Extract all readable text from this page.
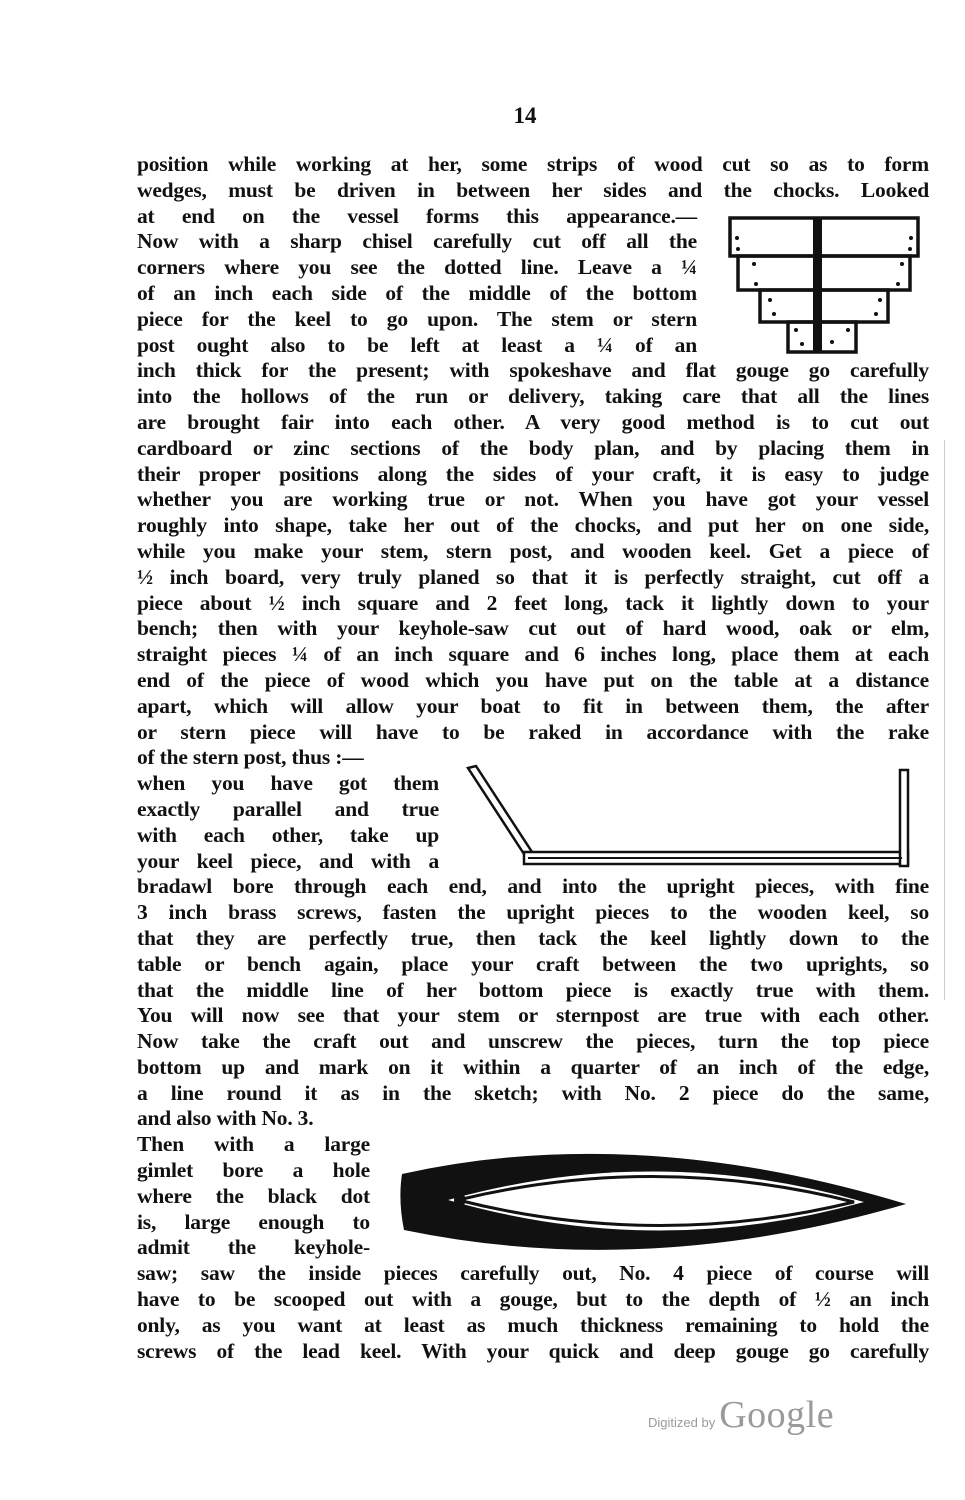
14
position while working at her, some strips of wood cut so as to form
wedges, must be driven in between her sides and the chocks. Looked
at end on the vessel forms this appearance.—
Now with a sharp chisel carefully cut off all the
corners where you see the dotted line. Leave a ¼
of an inch each side of the middle of the bottom
piece for the keel to go upon. The stem or stern
post ought also to be left at least a ¼ of an
inch thick for the present; with spokeshave and flat gouge go carefully
into the hollows of the run or delivery, taking care that all the lines
are brought fair into each other. A very good method is to cut out
cardboard or zinc sections of the body plan, and by placing them in
their proper positions along the sides of your craft, it is easy to judge
whether you are working true or not. When you have got your vessel
roughly into shape, take her out of the chocks, and put her on one side,
while you make your stem, stern post, and wooden keel. Get a piece of
½ inch board, very truly planed so that it is perfectly straight, cut off a
piece about ½ inch square and 2 feet long, tack it lightly down to your
bench; then with your keyhole-saw cut out of hard wood, oak or elm,
straight pieces ¼ of an inch square and 6 inches long, place them at each
end of the piece of wood which you have put on the table at a distance
apart, which will allow your boat to fit in between them, the after
or stern piece will have to be raked in accordance with the rake
of the stern post, thus :—
when you have got them
exactly parallel and true
with each other, take up
your keel piece, and with a
bradawl bore through each end, and into the upright pieces, with fine
3 inch brass screws, fasten the upright pieces to the wooden keel, so
that they are perfectly true, then tack the keel lightly down to the
table or bench again, place your craft between the two uprights, so
that the middle line of her bottom piece is exactly true with them.
You will now see that your stem or sternpost are true with each other.
Now take the craft out and unscrew the pieces, turn the top piece
bottom up and mark on it within a quarter of an inch of the edge,
a line round it as in the sketch; with No. 2 piece do the same,
and also with No. 3.
Then with a large
gimlet bore a hole
where the black dot
is, large enough to
admit the keyhole-
saw; saw the inside pieces carefully out, No. 4 piece of course will
have to be scooped out with a gouge, but to the depth of ½ an inch
only, as you want at least as much thickness remaining to hold the
screws of the lead keel. With your quick and deep gouge go carefully
Digitized by Google
